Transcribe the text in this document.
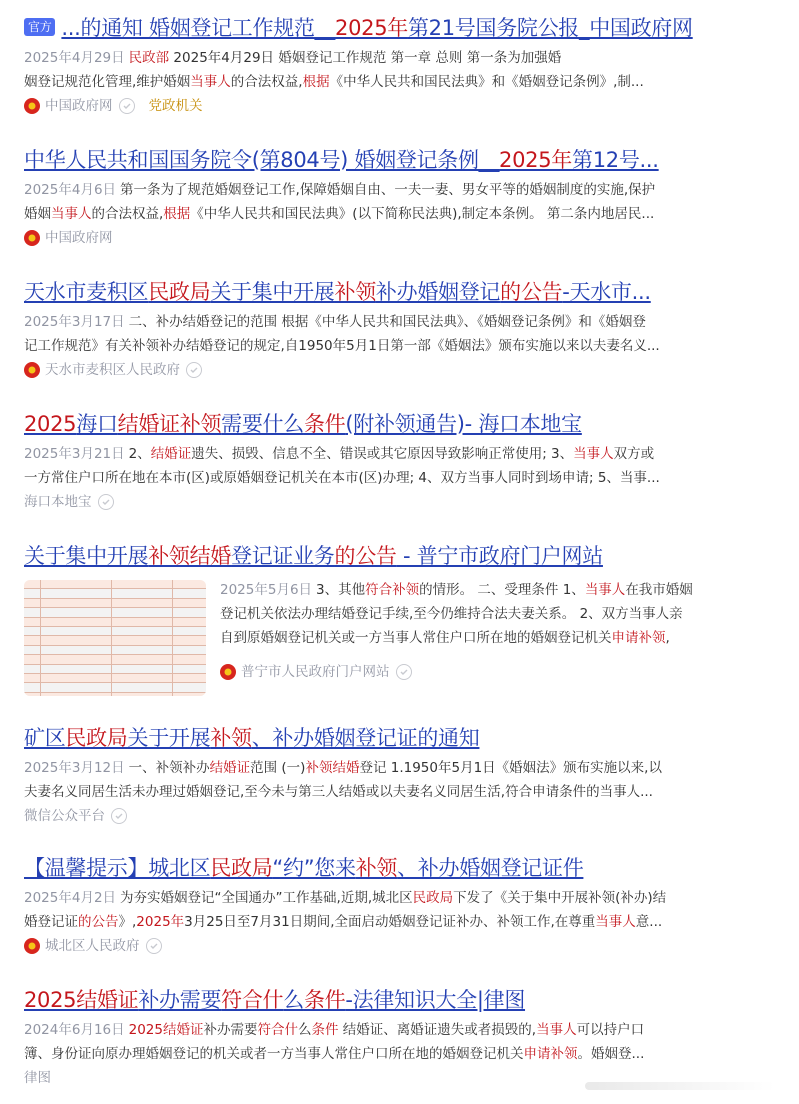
官方 ...的通知 婚姻登记工作规范__2025年第21号国务院公报_中国政府网
2025年4月29日 民政部 2025年4月29日 婚姻登记工作规范 第一章 总则 第一条为加强婚
姻登记规范化管理,维护婚姻当事人的合法权益,根据《中华人民共和国民法典》和《婚姻登记条例》,制...
中国政府网	党政机关
中华人民共和国国务院令(第804号) 婚姻登记条例__2025年第12号...
2025年4月6日 第一条为了规范婚姻登记工作,保障婚姻自由、一夫一妻、男女平等的婚姻制度的实施,保护
婚姻当事人的合法权益,根据《中华人民共和国民法典》(以下简称民法典),制定本条例。 第二条内地居民...
中国政府网
天水市麦积区民政局关于集中开展补领补办婚姻登记的公告-天水市...
2025年3月17日 二、补办结婚登记的范围 根据《中华人民共和国民法典》、《婚姻登记条例》和《婚姻登
记工作规范》有关补领补办结婚登记的规定,自1950年5月1日第一部《婚姻法》颁布实施以来以夫妻名义...
天水市麦积区人民政府
2025海口结婚证补领需要什么条件(附补领通告)- 海口本地宝
2025年3月21日 2、结婚证遗失、损毁、信息不全、错误或其它原因导致影响正常使用; 3、当事人双方或
一方常住户口所在地在本市(区)或原婚姻登记机关在本市(区)办理; 4、双方当事人同时到场申请; 5、当事...
海口本地宝
关于集中开展补领结婚登记证业务的公告 - 普宁市政府门户网站
2025年5月6日 3、其他符合补领的情形。 二、受理条件 1、当事人在我市婚姻
登记机关依法办理结婚登记手续,至今仍维持合法夫妻关系。 2、双方当事人亲
自到原婚姻登记机关或一方当事人常住户口所在地的婚姻登记机关申请补领,
普宁市人民政府门户网站
矿区民政局关于开展补领、补办婚姻登记证的通知
2025年3月12日 一、补领补办结婚证范围 (一)补领结婚登记 1.1950年5月1日《婚姻法》颁布实施以来,以
夫妻名义同居生活未办理过婚姻登记,至今未与第三人结婚或以夫妻名义同居生活,符合申请条件的当事人...
微信公众平台
【温馨提示】城北区民政局“约”您来补领、补办婚姻登记证件
2025年4月2日 为夯实婚姻登记“全国通办”工作基础,近期,城北区民政局下发了《关于集中开展补领(补办)结
婚登记证的公告》,2025年3月25日至7月31日期间,全面启动婚姻登记证补办、补领工作,在尊重当事人意...
城北区人民政府
2025结婚证补办需要符合什么条件-法律知识大全|律图
2024年6月16日 2025结婚证补办需要符合什么条件 结婚证、离婚证遗失或者损毁的,当事人可以持户口
簿、身份证向原办理婚姻登记的机关或者一方当事人常住户口所在地的婚姻登记机关申请补领。婚姻登...
律图
